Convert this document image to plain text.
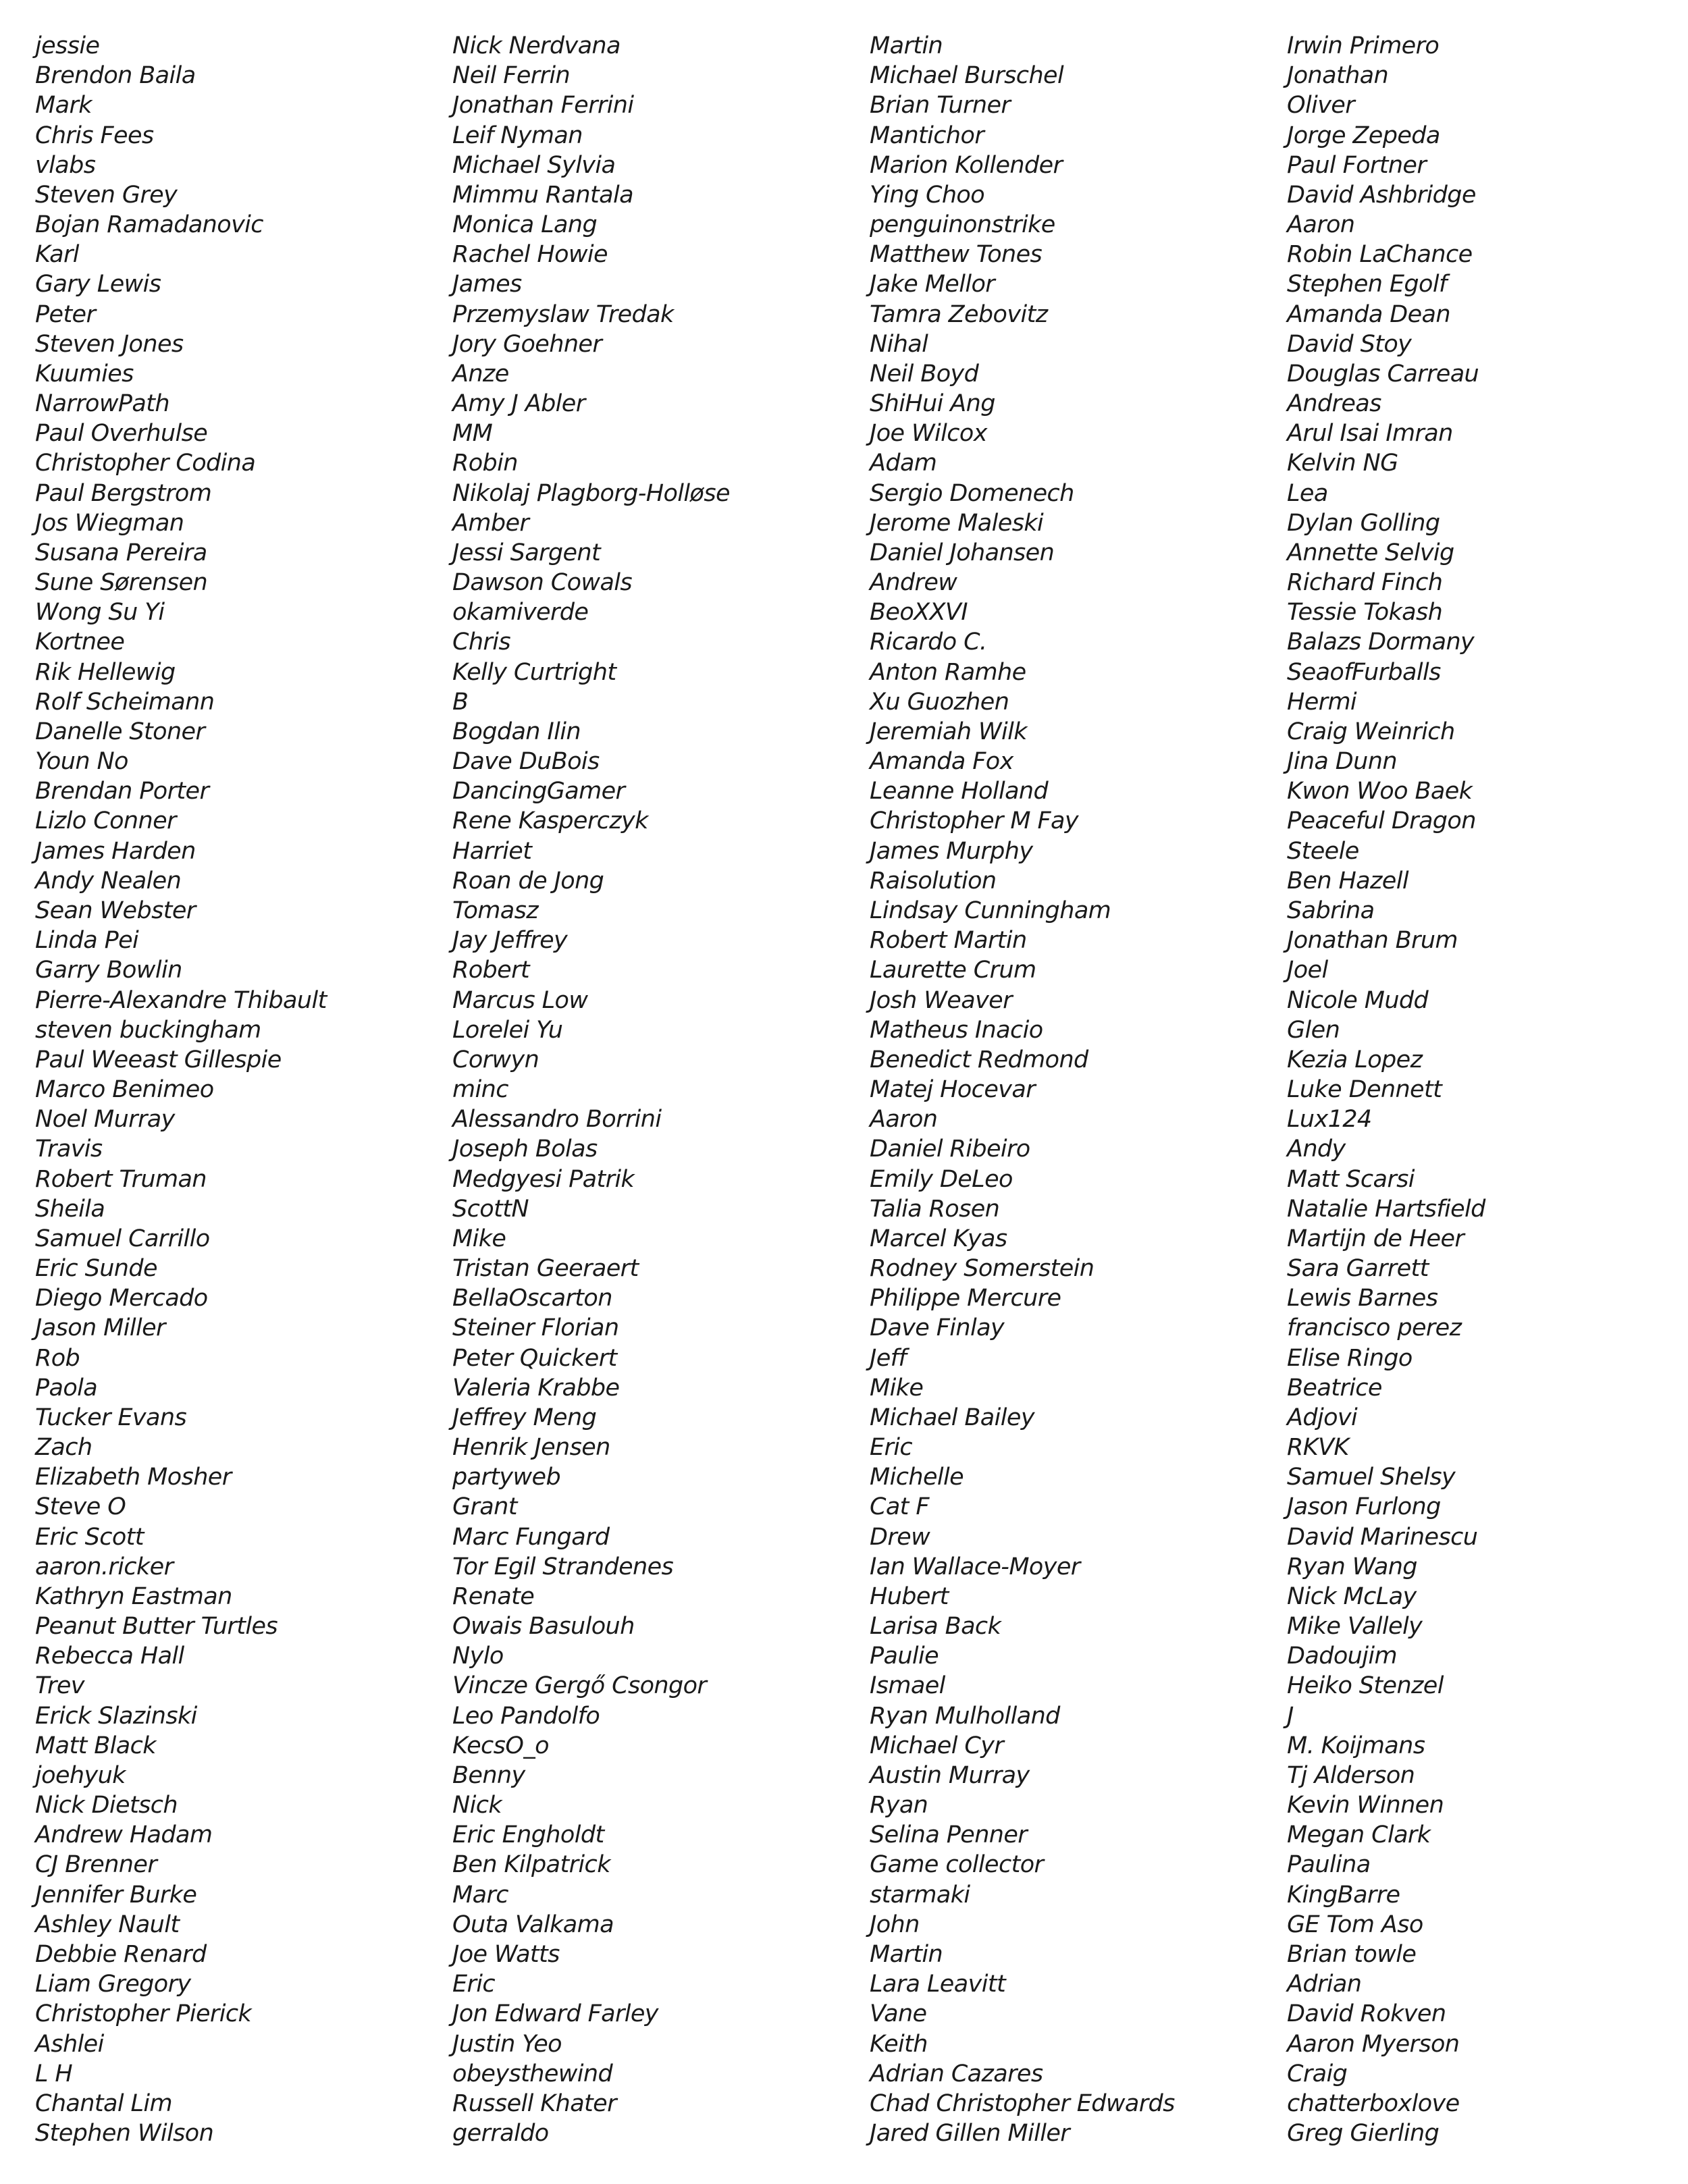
jessie
Brendon Baila
Mark
Chris Fees
vlabs
Steven Grey
Bojan Ramadanovic
Karl
Gary Lewis
Peter
Steven Jones
Kuumies
NarrowPath
Paul Overhulse
Christopher Codina
Paul Bergstrom
Jos Wiegman
Susana Pereira
Sune Sørensen
Wong Su Yi
Kortnee
Rik Hellewig
Rolf Scheimann
Danelle Stoner
Youn No
Brendan Porter
Lizlo Conner
James Harden
Andy Nealen
Sean Webster
Linda Pei
Garry Bowlin
Pierre-Alexandre Thibault
steven buckingham
Paul Weeast Gillespie
Marco Benimeo
Noel Murray
Travis
Robert Truman
Sheila
Samuel Carrillo
Eric Sunde
Diego Mercado
Jason Miller
Rob
Paola
Tucker Evans
Zach
Elizabeth Mosher
Steve O
Eric Scott
aaron.ricker
Kathryn Eastman
Peanut Butter Turtles
Rebecca Hall
Trev
Erick Slazinski
Matt Black
joehyuk
Nick Dietsch
Andrew Hadam
CJ Brenner
Jennifer Burke
Ashley Nault
Debbie Renard
Liam Gregory
Christopher Pierick
Ashlei
L H
Chantal Lim
Stephen Wilson
Nick Nerdvana
Neil Ferrin
Jonathan Ferrini
Leif Nyman
Michael Sylvia
Mimmu Rantala
Monica Lang
Rachel Howie
James
Przemyslaw Tredak
Jory Goehner
Anze
Amy J Abler
MM
Robin
Nikolaj Plagborg-Holløse
Amber
Jessi Sargent
Dawson Cowals
okamiverde
Chris
Kelly Curtright
B
Bogdan Ilin
Dave DuBois
DancingGamer
Rene Kasperczyk
Harriet
Roan de Jong
Tomasz
Jay Jeffrey
Robert
Marcus Low
Lorelei Yu
Corwyn
minc
Alessandro Borrini
Joseph Bolas
Medgyesi Patrik
ScottN
Mike
Tristan Geeraert
BellaOscarton
Steiner Florian
Peter Quickert
Valeria Krabbe
Jeffrey Meng
Henrik Jensen
partyweb
Grant
Marc Fungard
Tor Egil Strandenes
Renate
Owais Basulouh
Nylo
Vincze Gergő Csongor
Leo Pandolfo
KecsO_o
Benny
Nick
Eric Engholdt
Ben Kilpatrick
Marc
Outa Valkama
Joe Watts
Eric
Jon Edward Farley
Justin Yeo
obeysthewind
Russell Khater
gerraldo
Martin
Michael Burschel
Brian Turner
Mantichor
Marion Kollender
Ying Choo
penguinonstrike
Matthew Tones
Jake Mellor
Tamra Zebovitz
Nihal
Neil Boyd
ShiHui Ang
Joe Wilcox
Adam
Sergio Domenech
Jerome Maleski
Daniel Johansen
Andrew
BeoXXVI
Ricardo C.
Anton Ramhe
Xu Guozhen
Jeremiah Wilk
Amanda Fox
Leanne Holland
Christopher M Fay
James Murphy
Raisolution
Lindsay Cunningham
Robert Martin
Laurette Crum
Josh Weaver
Matheus Inacio
Benedict Redmond
Matej Hocevar
Aaron
Daniel Ribeiro
Emily DeLeo
Talia Rosen
Marcel Kyas
Rodney Somerstein
Philippe Mercure
Dave Finlay
Jeff
Mike
Michael Bailey
Eric
Michelle
Cat F
Drew
Ian Wallace-Moyer
Hubert
Larisa Back
Paulie
Ismael
Ryan Mulholland
Michael Cyr
Austin Murray
Ryan
Selina Penner
Game collector
starmaki
John
Martin
Lara Leavitt
Vane
Keith
Adrian Cazares
Chad Christopher Edwards
Jared Gillen Miller
Irwin Primero
Jonathan
Oliver
Jorge Zepeda
Paul Fortner
David Ashbridge
Aaron
Robin LaChance
Stephen Egolf
Amanda Dean
David Stoy
Douglas Carreau
Andreas
Arul Isai Imran
Kelvin NG
Lea
Dylan Golling
Annette Selvig
Richard Finch
Tessie Tokash
Balazs Dormany
SeaofFurballs
Hermi
Craig Weinrich
Jina Dunn
Kwon Woo Baek
Peaceful Dragon
Steele
Ben Hazell
Sabrina
Jonathan Brum
Joel
Nicole Mudd
Glen
Kezia Lopez
Luke Dennett
Lux124
Andy
Matt Scarsi
Natalie Hartsfield
Martijn de Heer
Sara Garrett
Lewis Barnes
francisco perez
Elise Ringo
Beatrice
Adjovi
RKVK
Samuel Shelsy
Jason Furlong
David Marinescu
Ryan Wang
Nick McLay
Mike Vallely
Dadoujim
Heiko Stenzel
J
M. Koijmans
Tj Alderson
Kevin Winnen
Megan Clark
Paulina
KingBarre
GE Tom Aso
Brian towle
Adrian
David Rokven
Aaron Myerson
Craig
chatterboxlove
Greg Gierling
